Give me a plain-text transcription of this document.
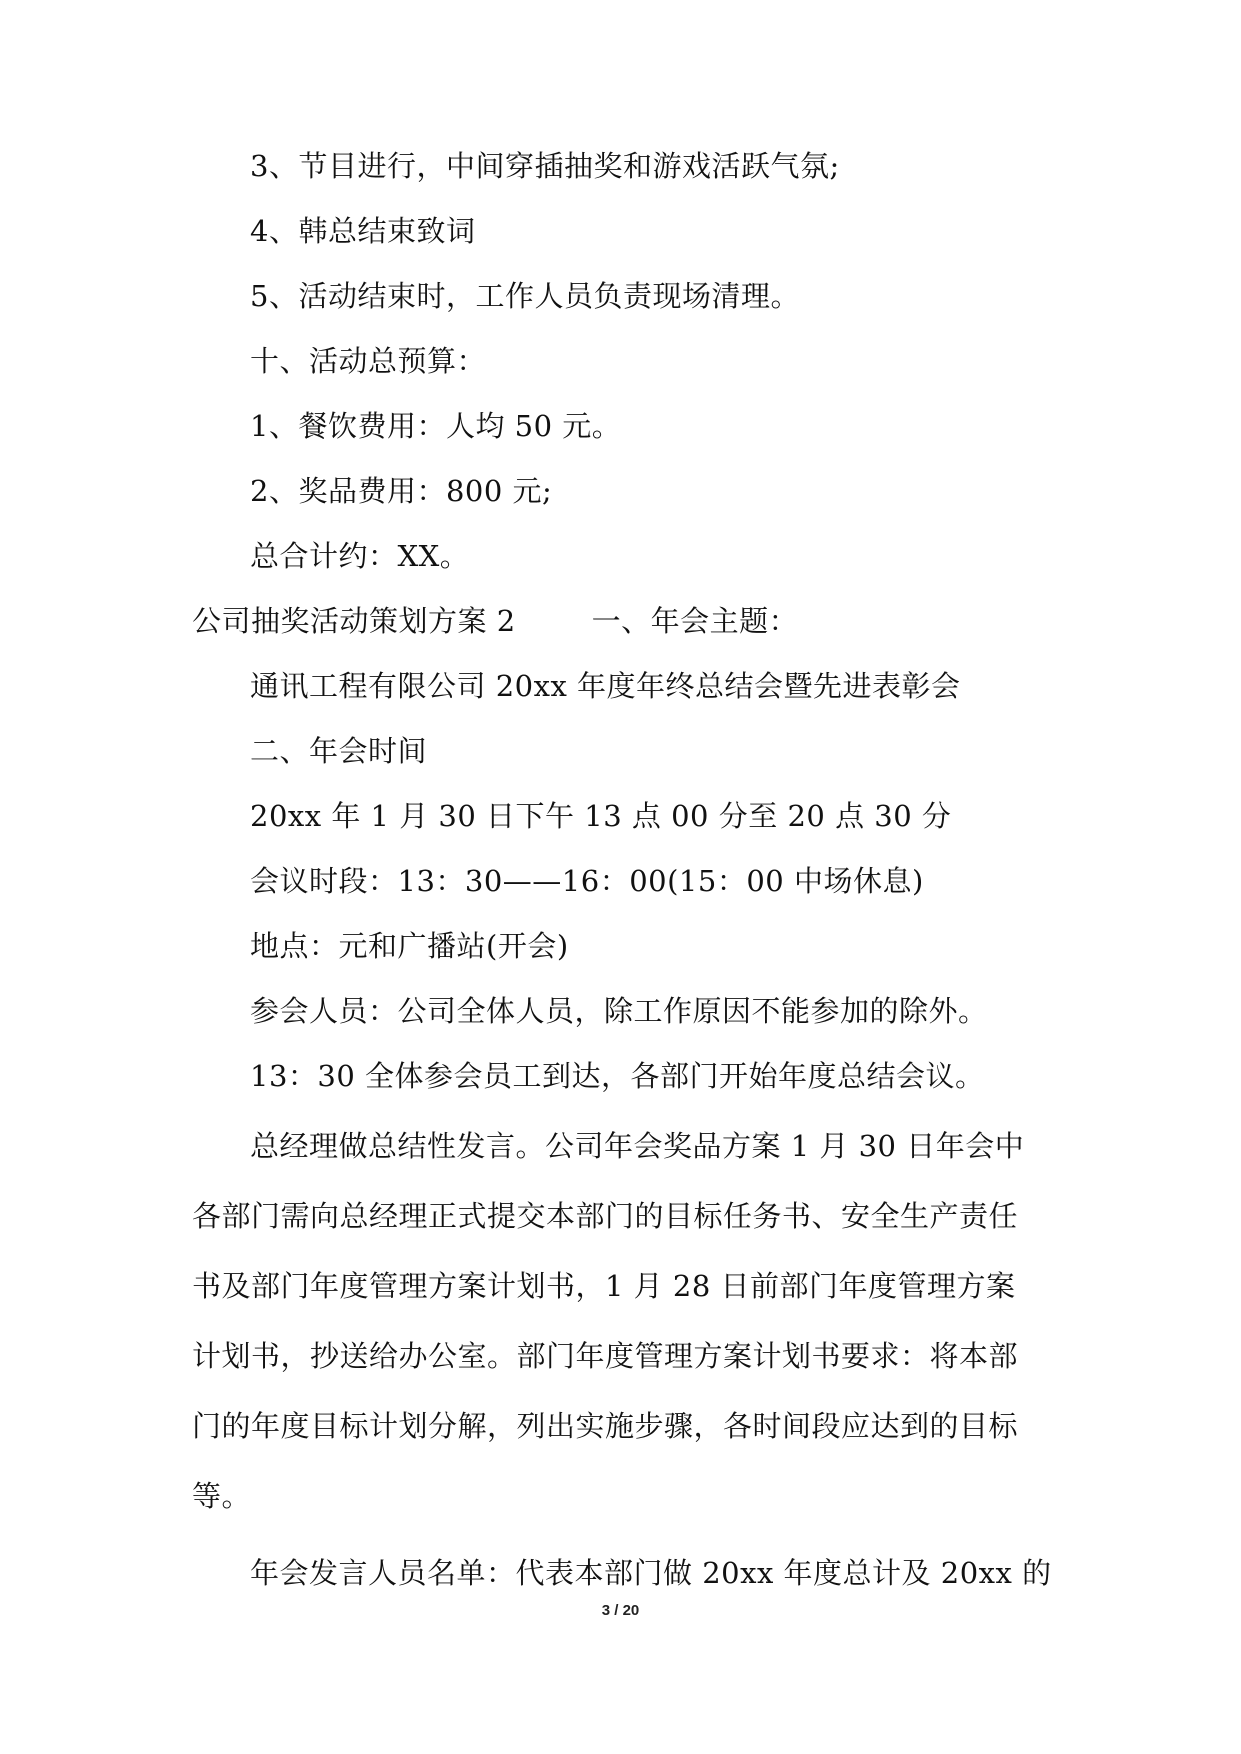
3、节目进行，中间穿插抽奖和游戏活跃气氛;
4、韩总结束致词
5、活动结束时，工作人员负责现场清理。
十、活动总预算：
1、餐饮费用：人均 50 元。
2、奖品费用：800 元;
总合计约：XX。
公司抽奖活动策划方案 2	一、年会主题：
通讯工程有限公司 20xx 年度年终总结会暨先进表彰会
二、年会时间
20xx 年 1 月 30 日下午 13 点 00 分至 20 点 30 分
会议时段：13：30——16：00(15：00 中场休息)
地点：元和广播站(开会)
参会人员：公司全体人员，除工作原因不能参加的除外。
13：30 全体参会员工到达，各部门开始年度总结会议。
总经理做总结性发言。公司年会奖品方案 1 月 30 日年会中
各部门需向总经理正式提交本部门的目标任务书、安全生产责任
书及部门年度管理方案计划书，1 月 28 日前部门年度管理方案
计划书，抄送给办公室。部门年度管理方案计划书要求：将本部
门的年度目标计划分解，列出实施步骤，各时间段应达到的目标
等。
年会发言人员名单：代表本部门做 20xx 年度总计及 20xx 的
3 / 20
